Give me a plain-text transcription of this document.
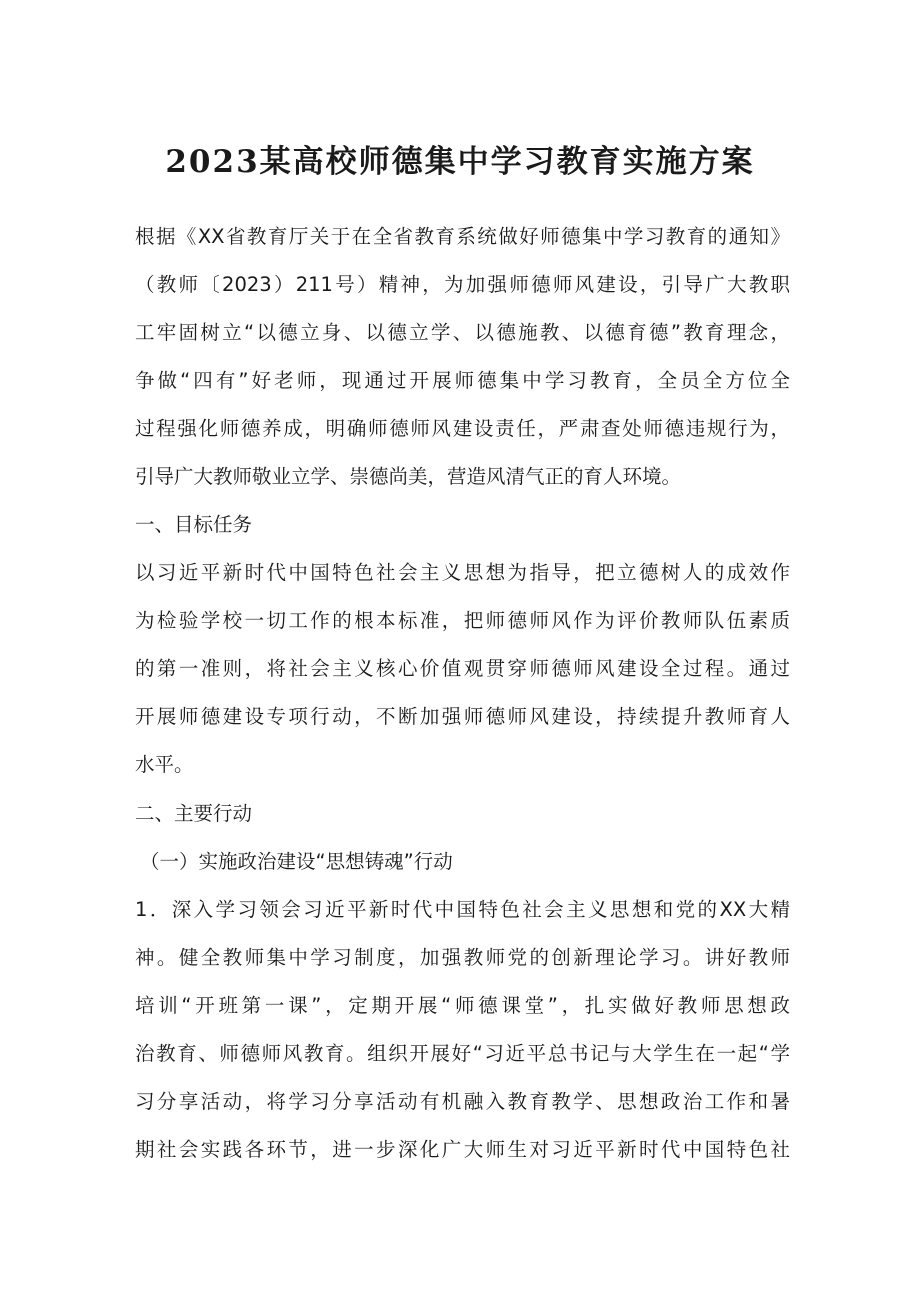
2023某高校师德集中学习教育实施方案

根据《XX省教育厅关于在全省教育系统做好师德集中学习教育的通知》

（教师〔2023）211号）精神，为加强师德师风建设，引导广大教职

工牢固树立“以德立身、以德立学、以德施教、以德育德”教育理念，

争做“四有”好老师，现通过开展师德集中学习教育，全员全方位全

过程强化师德养成，明确师德师风建设责任，严肃查处师德违规行为，

引导广大教师敬业立学、崇德尚美，营造风清气正的育人环境。

一、目标任务

以习近平新时代中国特色社会主义思想为指导，把立德树人的成效作

为检验学校一切工作的根本标准，把师德师风作为评价教师队伍素质

的第一准则，将社会主义核心价值观贯穿师德师风建设全过程。通过

开展师德建设专项行动，不断加强师德师风建设，持续提升教师育人

水平。

二、主要行动

（一）实施政治建设“思想铸魂”行动

1．深入学习领会习近平新时代中国特色社会主义思想和党的XX大精

神。健全教师集中学习制度，加强教师党的创新理论学习。讲好教师

培训“开班第一课”，定期开展“师德课堂”，扎实做好教师思想政

治教育、师德师风教育。组织开展好“习近平总书记与大学生在一起“学

习分享活动，将学习分享活动有机融入教育教学、思想政治工作和暑

期社会实践各环节，进一步深化广大师生对习近平新时代中国特色社
